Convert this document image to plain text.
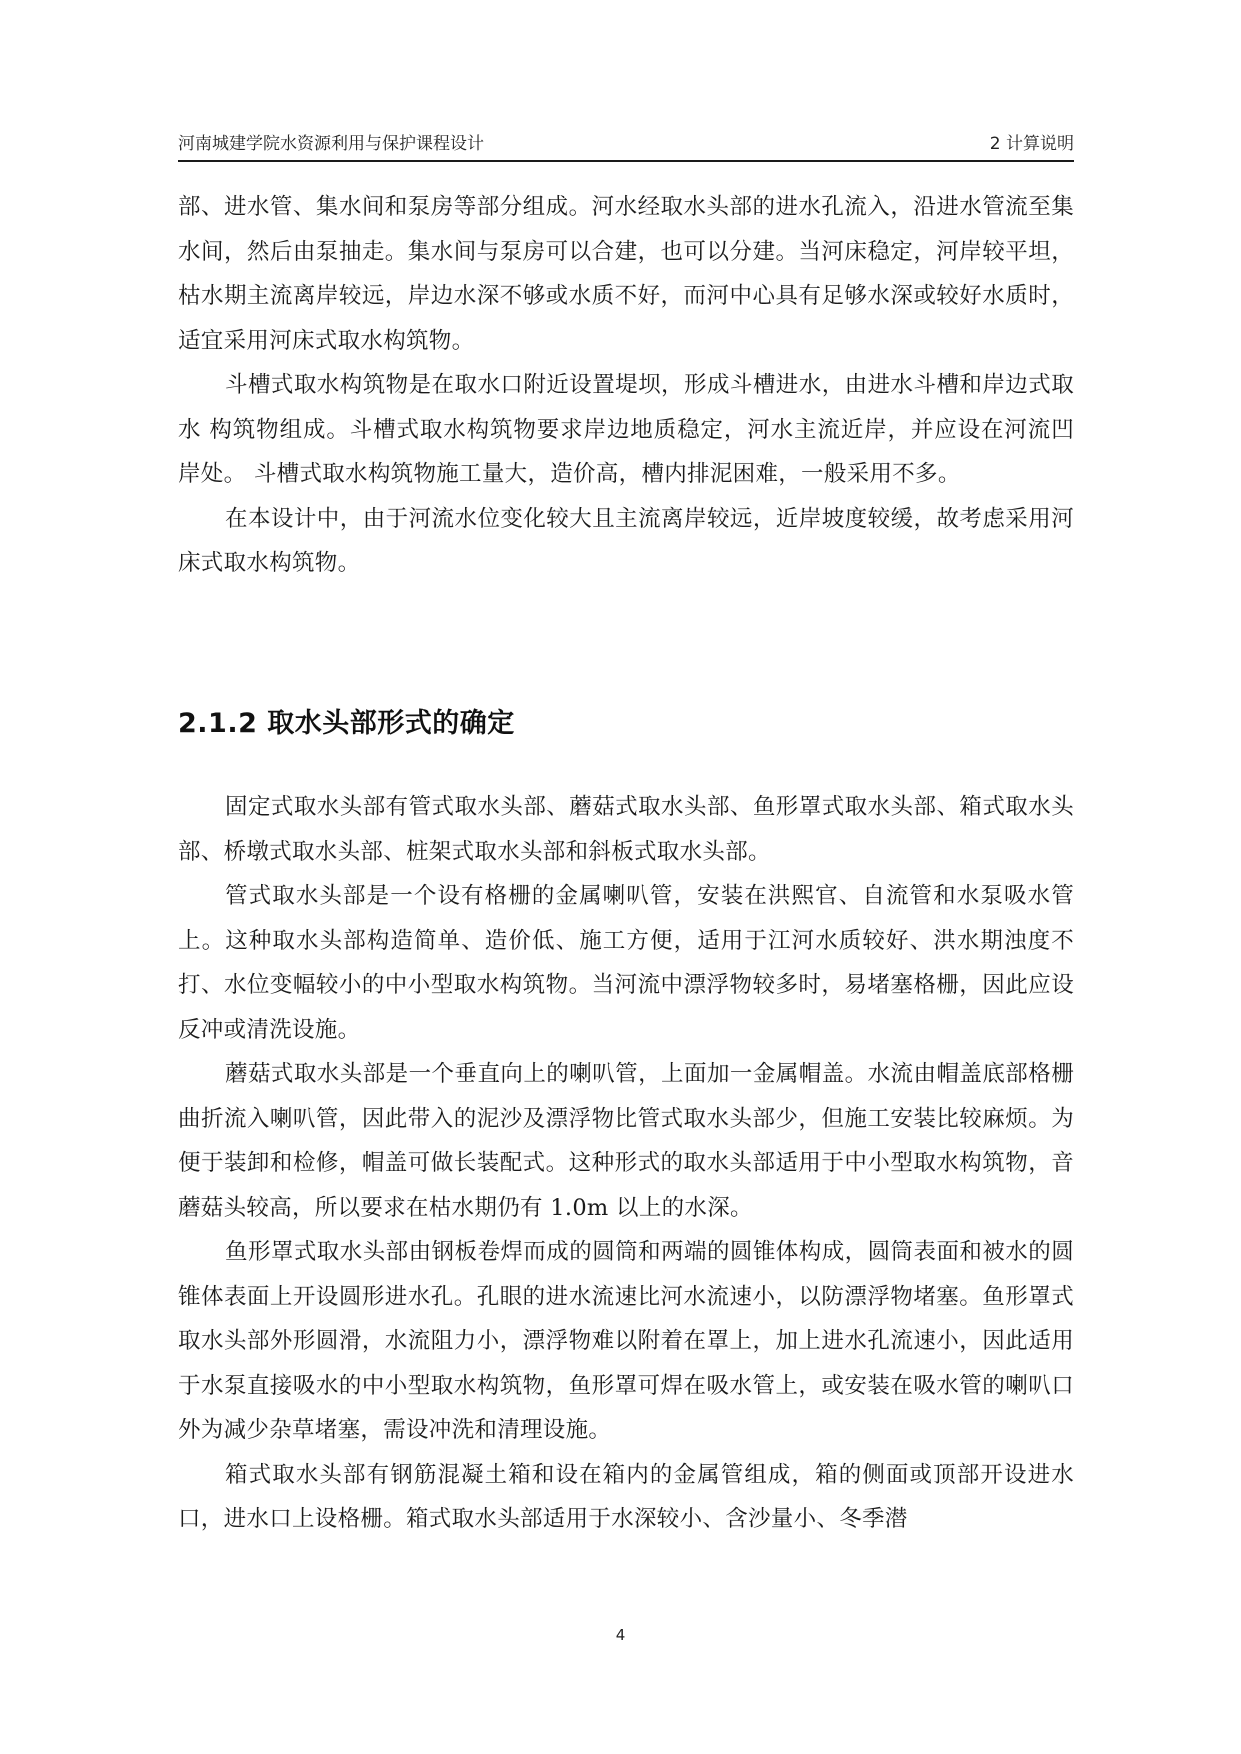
河南城建学院水资源利用与保护课程设计	2 计算说明

部、进水管、集水间和泵房等部分组成。河水经取水头部的进水孔流入，沿进水管流至集水间，然后由泵抽走。集水间与泵房可以合建，也可以分建。当河床稳定，河岸较平坦，枯水期主流离岸较远，岸边水深不够或水质不好，而河中心具有足够水深或较好水质时，适宜采用河床式取水构筑物。

斗槽式取水构筑物是在取水口附近设置堤坝，形成斗槽进水，由进水斗槽和岸边式取水 构筑物组成。斗槽式取水构筑物要求岸边地质稳定，河水主流近岸，并应设在河流凹岸处。 斗槽式取水构筑物施工量大，造价高，槽内排泥困难，一般采用不多。

在本设计中，由于河流水位变化较大且主流离岸较远，近岸坡度较缓，故考虑采用河床式取水构筑物。

2.1.2 取水头部形式的确定

固定式取水头部有管式取水头部、蘑菇式取水头部、鱼形罩式取水头部、箱式取水头部、桥墩式取水头部、桩架式取水头部和斜板式取水头部。

管式取水头部是一个设有格栅的金属喇叭管，安装在洪熙官、自流管和水泵吸水管上。这种取水头部构造简单、造价低、施工方便，适用于江河水质较好、洪水期浊度不打、水位变幅较小的中小型取水构筑物。当河流中漂浮物较多时，易堵塞格栅，因此应设反冲或清洗设施。

蘑菇式取水头部是一个垂直向上的喇叭管，上面加一金属帽盖。水流由帽盖底部格栅曲折流入喇叭管，因此带入的泥沙及漂浮物比管式取水头部少，但施工安装比较麻烦。为便于装卸和检修，帽盖可做长装配式。这种形式的取水头部适用于中小型取水构筑物，音蘑菇头较高，所以要求在枯水期仍有 1.0m 以上的水深。

鱼形罩式取水头部由钢板卷焊而成的圆筒和两端的圆锥体构成，圆筒表面和被水的圆锥体表面上开设圆形进水孔。孔眼的进水流速比河水流速小，以防漂浮物堵塞。鱼形罩式取水头部外形圆滑，水流阻力小，漂浮物难以附着在罩上，加上进水孔流速小，因此适用于水泵直接吸水的中小型取水构筑物，鱼形罩可焊在吸水管上，或安装在吸水管的喇叭口外为减少杂草堵塞，需设冲洗和清理设施。

箱式取水头部有钢筋混凝土箱和设在箱内的金属管组成，箱的侧面或顶部开设进水口，进水口上设格栅。箱式取水头部适用于水深较小、含沙量小、冬季潜

4
